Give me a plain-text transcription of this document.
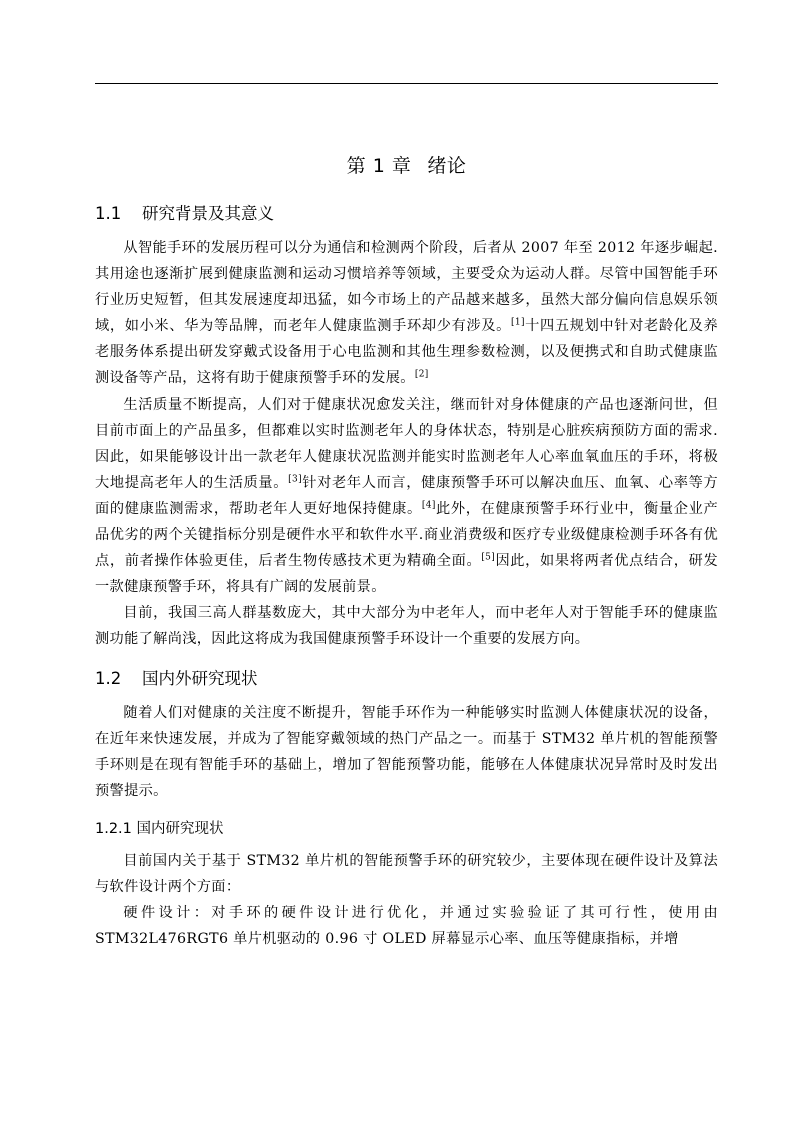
第 1 章 绪论
1.1 研究背景及其意义

从智能手环的发展历程可以分为通信和检测两个阶段，后者从 2007 年至 2012 年逐步崛起.其用途也逐渐扩展到健康监测和运动习惯培养等领域，主要受众为运动人群。尽管中国智能手环行业历史短暂，但其发展速度却迅猛，如今市场上的产品越来越多，虽然大部分偏向信息娱乐领域，如小米、华为等品牌，而老年人健康监测手环却少有涉及。[1]十四五规划中针对老龄化及养老服务体系提出研发穿戴式设备用于心电监测和其他生理参数检测，以及便携式和自助式健康监测设备等产品，这将有助于健康预警手环的发展。[2]

生活质量不断提高，人们对于健康状况愈发关注，继而针对身体健康的产品也逐渐问世，但目前市面上的产品虽多，但都难以实时监测老年人的身体状态，特别是心脏疾病预防方面的需求.因此，如果能够设计出一款老年人健康状况监测并能实时监测老年人心率血氧血压的手环，将极大地提高老年人的生活质量。[3]针对老年人而言，健康预警手环可以解决血压、血氧、心率等方面的健康监测需求，帮助老年人更好地保持健康。[4]此外，在健康预警手环行业中，衡量企业产品优劣的两个关键指标分别是硬件水平和软件水平.商业消费级和医疗专业级健康检测手环各有优点，前者操作体验更佳，后者生物传感技术更为精确全面。[5]因此，如果将两者优点结合，研发一款健康预警手环，将具有广阔的发展前景。

目前，我国三高人群基数庞大，其中大部分为中老年人，而中老年人对于智能手环的健康监测功能了解尚浅，因此这将成为我国健康预警手环设计一个重要的发展方向。

1.2 国内外研究现状

随着人们对健康的关注度不断提升，智能手环作为一种能够实时监测人体健康状况的设备，在近年来快速发展，并成为了智能穿戴领域的热门产品之一。而基于 STM32 单片机的智能预警手环则是在现有智能手环的基础上，增加了智能预警功能，能够在人体健康状况异常时及时发出预警提示。

1.2.1 国内研究现状

目前国内关于基于 STM32 单片机的智能预警手环的研究较少，主要体现在硬件设计及算法与软件设计两个方面：

硬件设计：对手环的硬件设计进行优化，并通过实验验证了其可行性，使用由 STM32L476RGT6 单片机驱动的 0.96 寸 OLED 屏幕显示心率、血压等健康指标，并增
